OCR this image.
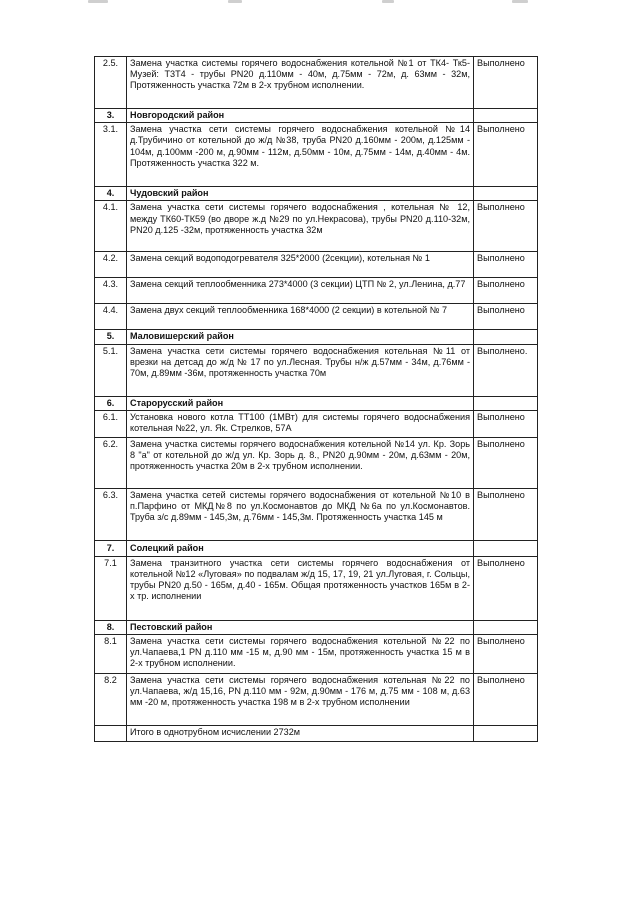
2.5.	Замена участка системы горячего водоснабжения котельной №1 от ТК4- Тк5- Музей: Т3Т4 - трубы PN20 д.110мм - 40м, д.75мм - 72м, д. 63мм - 32м, Протяженность участка 72м в 2-х трубном исполнении.	Выполнено
3.	Новгородский район	
3.1.	Замена участка сети системы горячего водоснабжения котельной №14 д.Трубичино от котельной до ж/д №38, труба PN20 д.160мм - 200м, д.125мм - 104м, д.100мм -200 м, д.90мм - 112м, д.50мм - 10м, д.75мм - 14м, д.40мм - 4м. Протяженность участка 322 м.	Выполнено
4.	Чудовский район	
4.1.	Замена участка сети системы горячего водоснабжения , котельная № 12, между ТК60-ТК59 (во дворе ж.д №29 по ул.Некрасова), трубы PN20 д.110-32м, PN20 д.125 -32м, протяженность участка 32м	Выполнено
4.2.	Замена секций водоподогревателя 325*2000 (2секции), котельная № 1	Выполнено
4.3.	Замена секций теплообменника 273*4000 (3 секции) ЦТП № 2, ул.Ленина, д.77	Выполнено
4.4.	Замена двух секций теплообменника 168*4000 (2 секции) в котельной № 7	Выполнено
5.	Маловишерский район	
5.1.	Замена участка сети системы горячего водоснабжения котельная №11 от врезки на детсад до ж/д № 17 по ул.Лесная. Трубы н/ж д.57мм - 34м, д.76мм - 70м, д.89мм -36м, протяженность участка 70м	Выполнено.
6.	Старорусский район	
6.1.	Установка нового котла ТТ100 (1МВт) для системы горячего водоснабжения котельная №22, ул. Як. Стрелков, 57А	Выполнено
6.2.	Замена участка системы горячего водоснабжения котельной №14 ул. Кр. Зорь 8 "а" от котельной до ж/д ул. Кр. Зорь д. 8., PN20 д.90мм - 20м, д.63мм - 20м, протяженность участка 20м в 2-х трубном исполнении.	Выполнено
6.3.	Замена участка сетей системы горячего водоснабжения от котельной №10 в п.Парфино от МКД№8 по ул.Космонавтов до МКД №6а по ул.Космонавтов. Труба з/с д.89мм - 145,3м, д.76мм - 145,3м. Протяженность участка 145 м	Выполнено
7.	Солецкий район	
7.1	Замена транзитного участка сети системы горячего водоснабжения от котельной №12 «Луговая» по подвалам ж/д 15, 17, 19, 21 ул.Луговая, г. Сольцы, трубы PN20 д.50 - 165м, д.40 - 165м. Общая протяженность участков 165м в 2-х тр. исполнении	Выполнено
8.	Пестовский район	
8.1	Замена участка сети системы горячего водоснабжения котельной №22 по ул.Чапаева,1 PN д.110 мм -15 м, д.90 мм - 15м, протяженность участка 15 м в 2-х трубном исполнении.	Выполнено
8.2	Замена участка сети системы горячего водоснабжения котельная №22 по ул.Чапаева, ж/д 15,16, PN д.110 мм - 92м, д.90мм - 176 м, д.75 мм - 108 м, д.63 мм -20 м, протяженность участка 198 м в 2-х трубном исполнении	Выполнено
	Итого в однотрубном исчислении 2732м	
